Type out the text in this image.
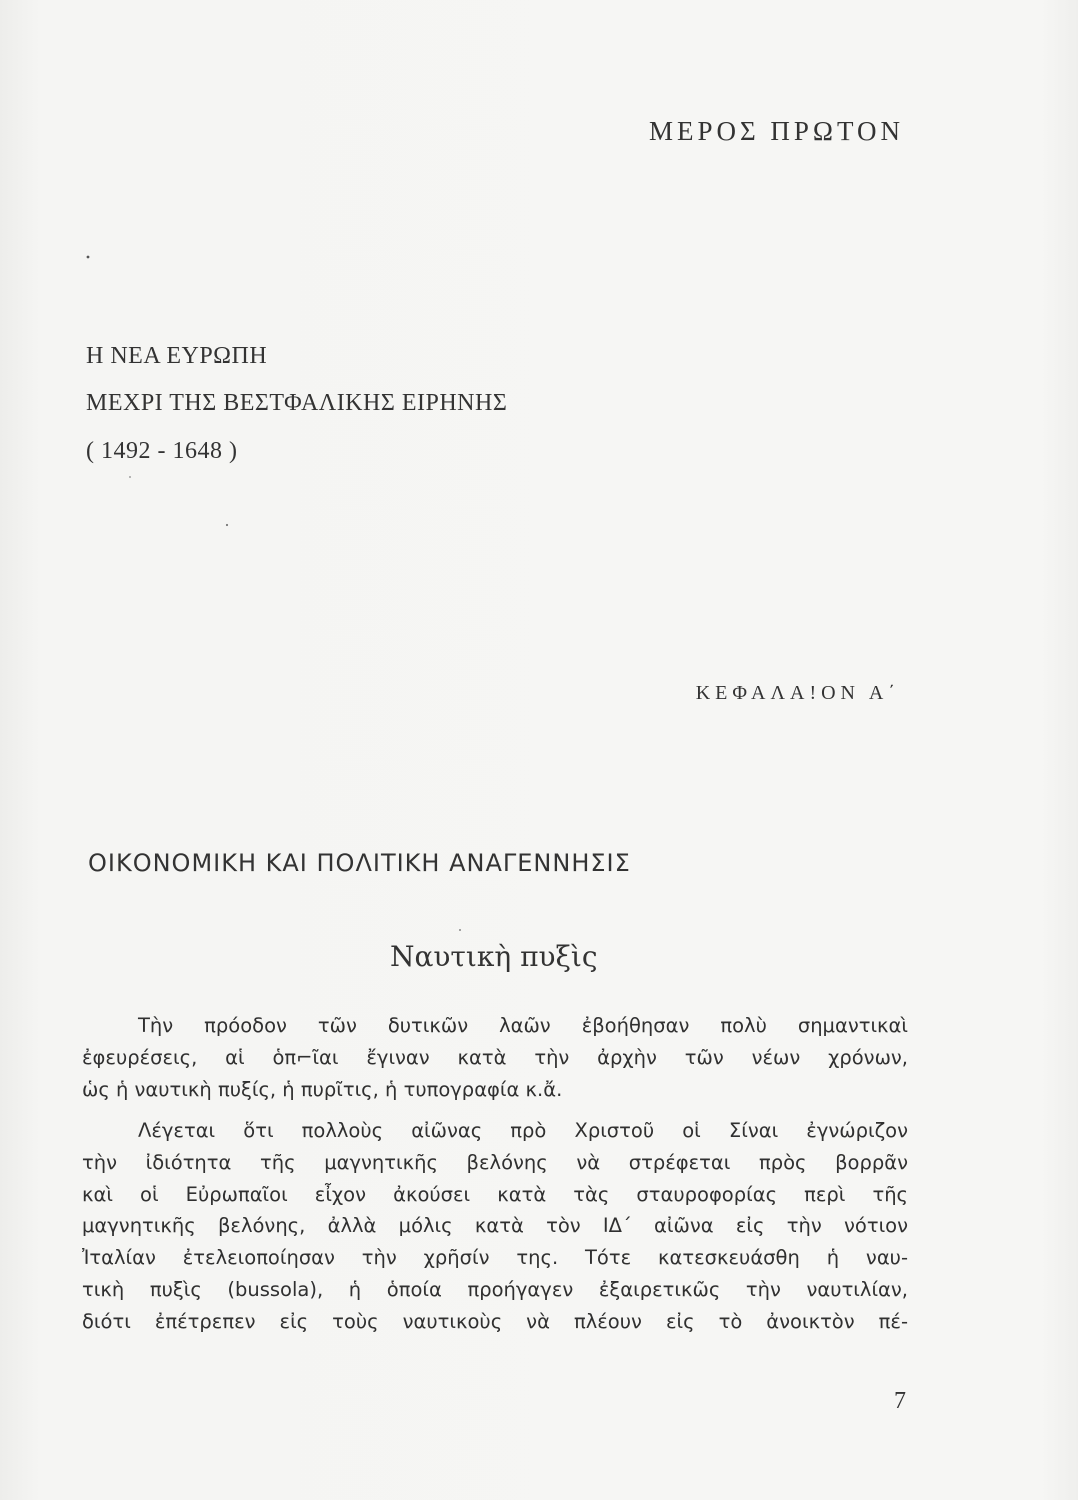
ΜΕΡΟΣ ΠΡΩΤΟΝ
Η ΝΕΑ ΕΥΡΩΠΗ
ΜΕΧΡΙ ΤΗΣ ΒΕΣΤΦΑΛΙΚΗΣ ΕΙΡΗΝΗΣ
( 1492 - 1648 )
ΚΕΦΑΛΑ!ΟΝ Α΄
ΟΙΚΟΝΟΜΙΚΗ ΚΑΙ ΠΟΛΙΤΙΚΗ ΑΝΑΓΕΝΝΗΣΙΣ
Ναυτικὴ πυξὶς
Τὴν πρόοδον τῶν δυτικῶν λαῶν ἐβοήθησαν πολὺ σημαντικαὶ
ἐφευρέσεις, αἱ ὁπ⌐ῖαι ἔγιναν κατὰ τὴν ἀρχὴν τῶν νέων χρόνων,
ὡς ἡ ναυτικὴ πυξίς, ἡ πυρῖτις, ἡ τυπογραφία κ.ἄ.
Λέγεται ὅτι πολλοὺς αἰῶνας πρὸ Χριστοῦ οἱ Σίναι ἐγνώριζον
τὴν ἰδιότητα τῆς μαγνητικῆς βελόνης νὰ στρέφεται πρὸς βορρᾶν
καὶ οἱ Εὐρωπαῖοι εἶχον ἀκούσει κατὰ τὰς σταυροφορίας περὶ τῆς
μαγνητικῆς βελόνης, ἀλλὰ μόλις κατὰ τὸν ΙΔ΄ αἰῶνα εἰς τὴν νότιον
Ἰταλίαν ἐτελειοποίησαν τὴν χρῆσίν της. Τότε κατεσκευάσθη ἡ ναυ-
τικὴ πυξὶς (bussola), ἡ ὁποία προήγαγεν ἐξαιρετικῶς τὴν ναυτιλίαν,
διότι ἐπέτρεπεν εἰς τοὺς ναυτικοὺς νὰ πλέουν εἰς τὸ ἀνοικτὸν πέ-
7
